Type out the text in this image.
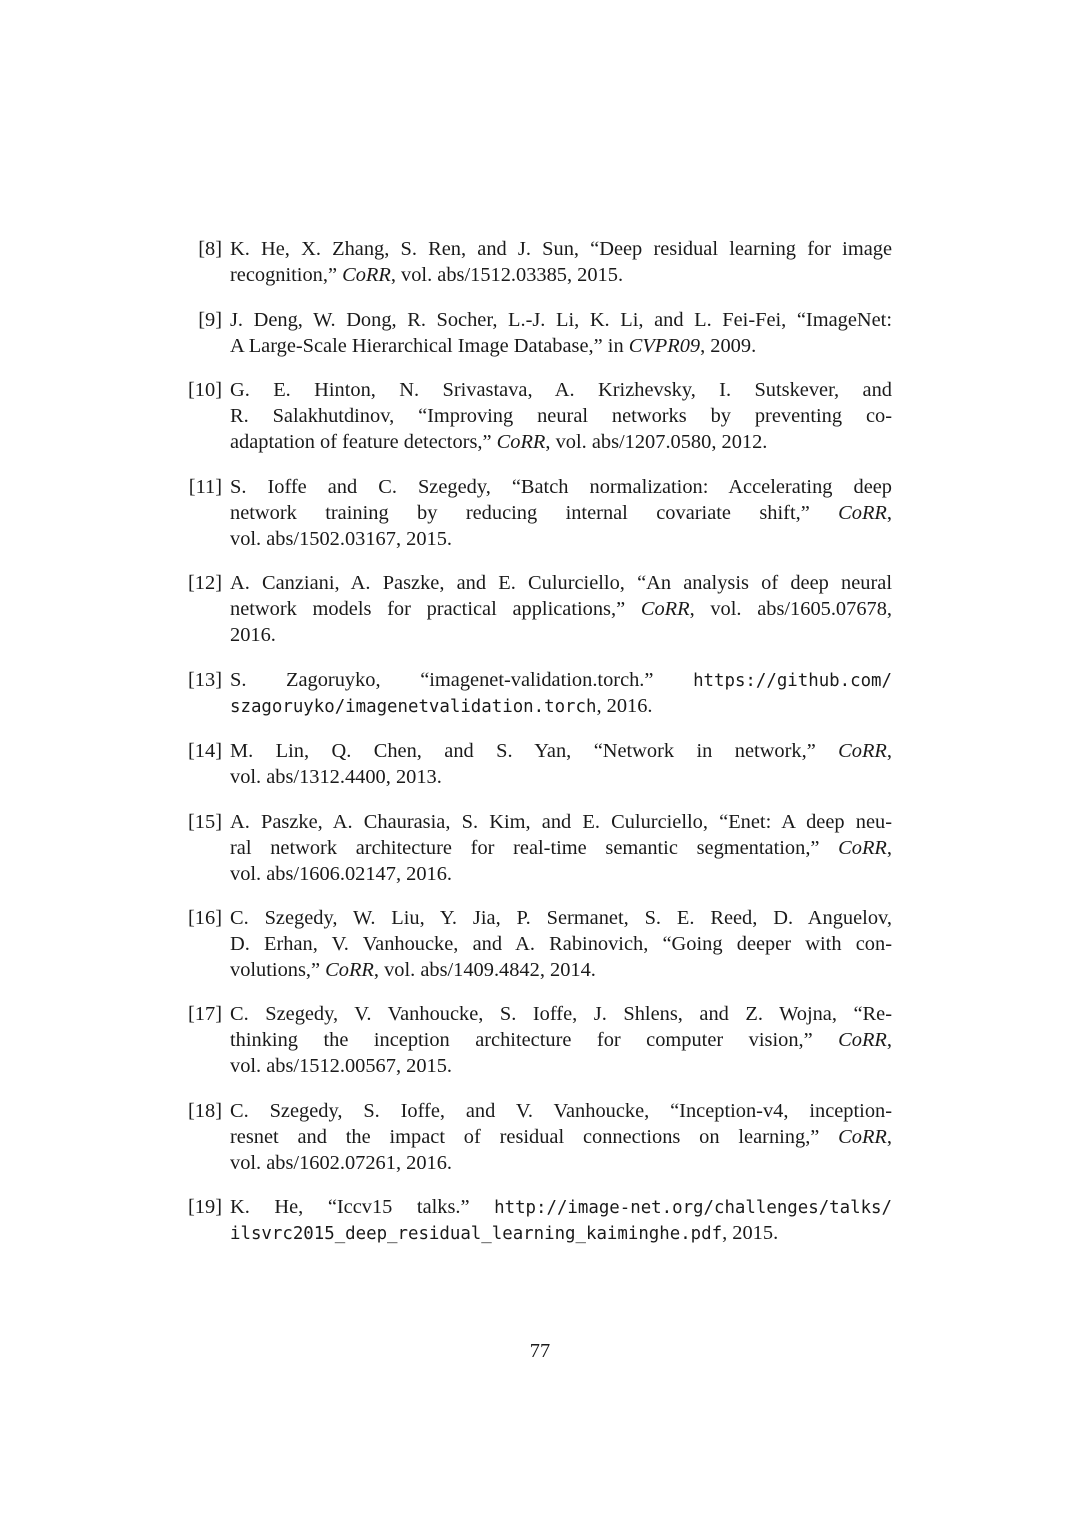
[8] K. He, X. Zhang, S. Ren, and J. Sun, “Deep residual learning for image
recognition,” CoRR, vol. abs/1512.03385, 2015.
[9] J. Deng, W. Dong, R. Socher, L.-J. Li, K. Li, and L. Fei-Fei, “ImageNet:
A Large-Scale Hierarchical Image Database,” in CVPR09, 2009.
[10] G. E. Hinton, N. Srivastava, A. Krizhevsky, I. Sutskever, and
R. Salakhutdinov, “Improving neural networks by preventing co-
adaptation of feature detectors,” CoRR, vol. abs/1207.0580, 2012.
[11] S. Ioffe and C. Szegedy, “Batch normalization: Accelerating deep
network training by reducing internal covariate shift,” CoRR,
vol. abs/1502.03167, 2015.
[12] A. Canziani, A. Paszke, and E. Culurciello, “An analysis of deep neural
network models for practical applications,” CoRR, vol. abs/1605.07678,
2016.
[13] S. Zagoruyko, “imagenet-validation.torch.” https://github.com/
szagoruyko/imagenetvalidation.torch, 2016.
[14] M. Lin, Q. Chen, and S. Yan, “Network in network,” CoRR,
vol. abs/1312.4400, 2013.
[15] A. Paszke, A. Chaurasia, S. Kim, and E. Culurciello, “Enet: A deep neu-
ral network architecture for real-time semantic segmentation,” CoRR,
vol. abs/1606.02147, 2016.
[16] C. Szegedy, W. Liu, Y. Jia, P. Sermanet, S. E. Reed, D. Anguelov,
D. Erhan, V. Vanhoucke, and A. Rabinovich, “Going deeper with con-
volutions,” CoRR, vol. abs/1409.4842, 2014.
[17] C. Szegedy, V. Vanhoucke, S. Ioffe, J. Shlens, and Z. Wojna, “Re-
thinking the inception architecture for computer vision,” CoRR,
vol. abs/1512.00567, 2015.
[18] C. Szegedy, S. Ioffe, and V. Vanhoucke, “Inception-v4, inception-
resnet and the impact of residual connections on learning,” CoRR,
vol. abs/1602.07261, 2016.
[19] K. He, “Iccv15 talks.” http://image-net.org/challenges/talks/
ilsvrc2015_deep_residual_learning_kaiminghe.pdf, 2015.
77
